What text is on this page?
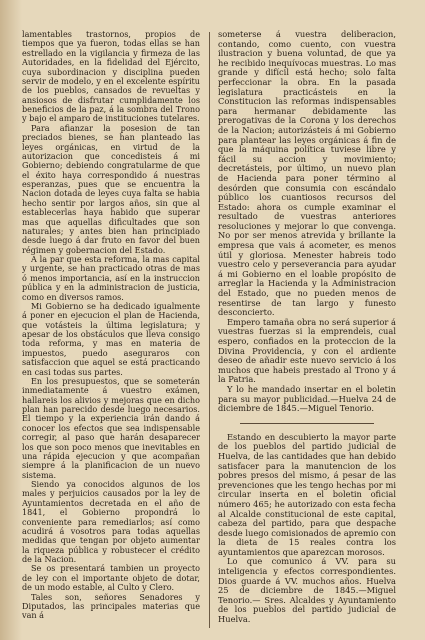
lamentables trastornos, propios de tiempos que ya fueron, todas ellas se han estrellado en la vigilancia y firmeza de las Autoridades, en la fidelidad del Ejército, cuya subordinacion y disciplina pueden servir de modelo, y en el excelente espíritu de los pueblos, cansados de revueltas y ansiosos de disfrutar cumplidamente los beneficios de la paz, á la sombra del Trono y bajo el amparo de instituciones tutelares.

Para afianzar la posesion de tan preciados bienes, se han planteado las leyes orgánicas, en virtud de la autorizacion que concedisteis á mi Gobierno; debiendo congratularme de que el éxito haya correspondido á nuestras esperanzas, pues que se encuentra la Nacion dotada de leyes cuya falta se habia hecho sentir por largos años, sin que al establecerlas haya habido que superar mas que aquellas dificultades que son naturales; y antes bien han principiado desde luego á dar fruto en favor del buen régimen y gobernacion del Estado.

A la par que esta reforma, la mas capital y urgente, se han practicado otras de mas ó menos importancia, así en la instruccion pública y en la administracion de justicia, como en diversos ramos.

Mi Gobierno se ha dedicado igualmente á poner en ejecucion el plan de Hacienda, que votásteis la última legislatura; y apesar de los obstáculos que lleva consigo toda reforma, y mas en materia de impuestos, puedo aseguraros con satisfaccion que aquel se está practicando en casi todas sus partes.

En los presupuestos, que se someterán inmediatamente á vuestro exámen, hallareis los alivios y mejoras que en dicho plan han parecido desde luego necesarios. El tiempo y la experiencia irán dando á conocer los efectos que sea indispensable corregir, al paso que harán desaparecer los que son poco menos que inevitables en una rápida ejecucion y que acompañan siempre á la planificacion de un nuevo sistema.

Siendo ya conocidos algunos de los males y perjuicios causados por la ley de Ayuntamientos decretada en el año de 1841, el Gobierno propondrá lo conveniente para remediarlos; así como acudirá á vosotros para todas aquellas medidas que tengan por objeto aumentar la riqueza pública y robustecer el crédito de la Nacion.

Se os presentará tambien un proyecto de ley con el importante objeto de dotar, de un modo estable, al Culto y Clero.

Tales son, señores Senadores y Diputados, las principales materias que van á

someterse á vuestra deliberacion, contando, como cuento, con vuestra ilustracion y buena voluntad, de que ya he recibido inequívocas muestras. Lo mas grande y difícil está hecho; solo falta perfeccionar la obra. En la pasada legislatura practicásteis en la Constitucion las reformas indispensables para hermanar debidamente las prerogativas de la Corona y los derechos de la Nacion; autorizásteis á mi Gobierno para plantear las leyes orgánicas á fin de que la máquina política tuviese libre y fácil su accion y movimiento; decretásteis, por último, un nuevo plan de Hacienda para poner término al desórden que consumia con escándalo público los cuantiosos recursos del Estado: ahora os cumple examinar el resultado de vuestras anteriores resoluciones y mejorar lo que convenga. No por ser menos atrevida y brillante la empresa que vais á acometer, es menos útil y gloriosa. Menester habreis todo vuestro celo y perseverancia para ayudar á mi Gobierno en el loable propósito de arreglar la Hacienda y la Administracion del Estado, que no pueden menos de resentirse de tan largo y funesto desconcierto.

Empero tamaña obra no será superior á vuestras fuerzas si la emprendeis, cual espero, confiados en la proteccion de la Divina Providencia, y con el ardiente deseo de añadir este nuevo servicio á los muchos que habeis prestado al Trono y á la Patria.

Y lo he mandado insertar en el boletin para su mayor publicidad.—Huelva 24 de diciembre de 1845.—Miguel Tenorio.

Estando en descubierto la mayor parte de los pueblos del partido judicial de Huelva, de las cantidades que han debido satisfacer para la manutencion de los pobres presos del mismo, á pesar de las prevenciones que les tengo hechas por mi circular inserta en el boletin oficial número 465; he autorizado con esta fecha al Alcalde constitucional de este capital, cabeza del partido, para que despache desde luego comisionados de apremio con la dieta de 15 reales contra los ayuntamientos que aparezcan morosos.

Lo que comunico á VV. para su inteligencia y efectos correspondientes. Dios guarde á VV. muchos años. Huelva 25 de diciembre de 1845.—Miguel Tenorio.— Sres. Alcaldes y Ayuntamiento de los pueblos del partido judicial de Huelva.
